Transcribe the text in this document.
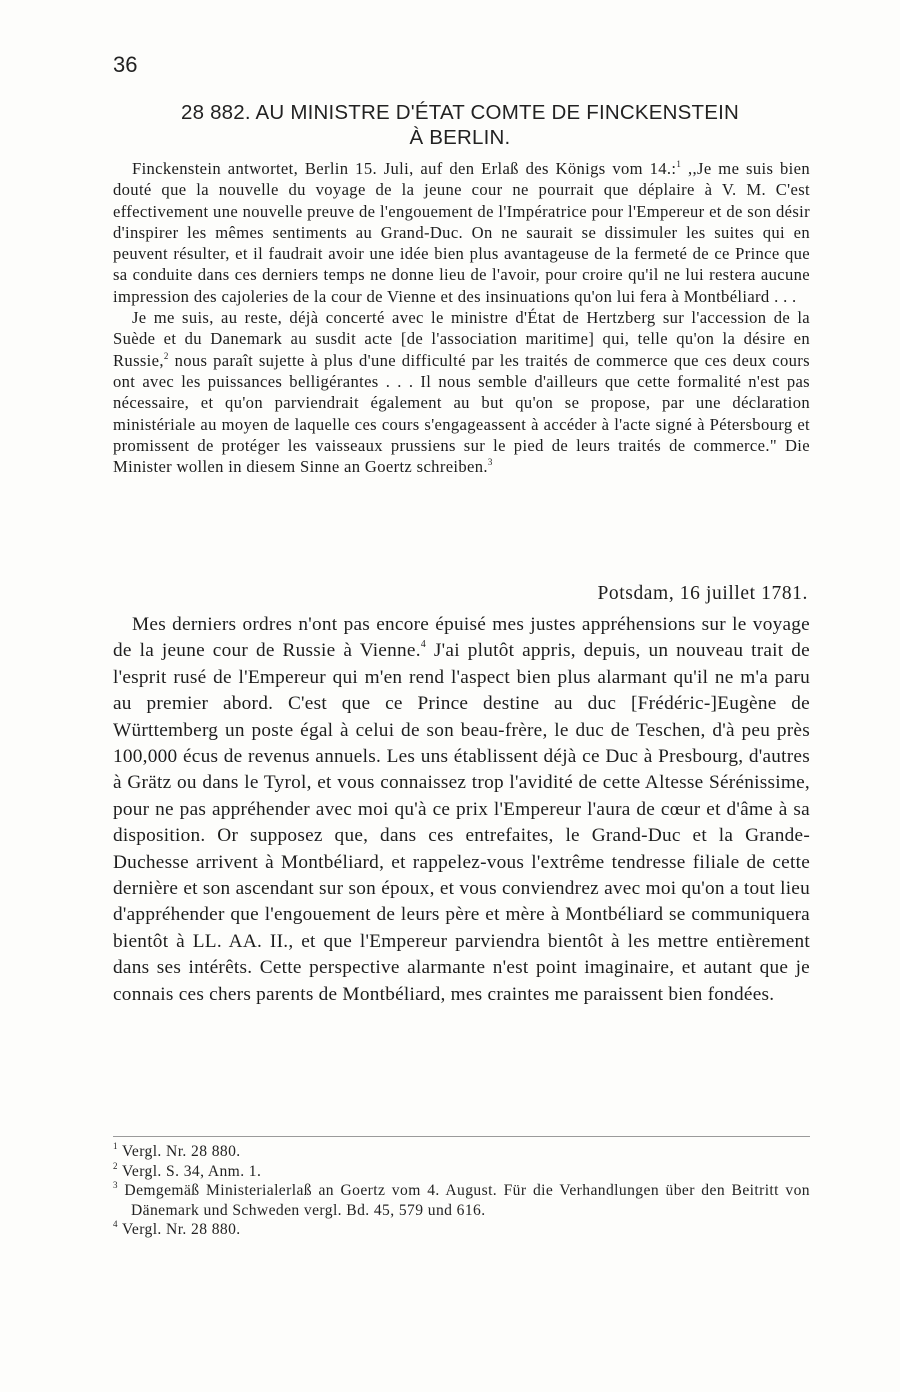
36
28 882. AU MINISTRE D'ÉTAT COMTE DE FINCKENSTEIN
À BERLIN.

Finckenstein antwortet, Berlin 15. Juli, auf den Erlaß des Königs vom 14.:$^1$ ,,Je me suis bien douté que la nouvelle du voyage de la jeune cour ne pourrait que déplaire à V. M. C'est effectivement une nouvelle preuve de l'engouement de l'Impératrice pour l'Empereur et de son désir d'inspirer les mêmes sentiments au Grand-Duc. On ne saurait se dissimuler les suites qui en peuvent résulter, et il faudrait avoir une idée bien plus avantageuse de la fermeté de ce Prince que sa conduite dans ces derniers temps ne donne lieu de l'avoir, pour croire qu'il ne lui restera aucune impression des cajoleries de la cour de Vienne et des insinuations qu'on lui fera à Montbéliard . . .

Je me suis, au reste, déjà concerté avec le ministre d'État de Hertzberg sur l'accession de la Suède et du Danemark au susdit acte [de l'association maritime] qui, telle qu'on la désire en Russie,$^2$ nous paraît sujette à plus d'une difficulté par les traités de commerce que ces deux cours ont avec les puissances belligérantes . . . Il nous semble d'ailleurs que cette formalité n'est pas nécessaire, et qu'on parviendrait également au but qu'on se propose, par une déclaration ministériale au moyen de laquelle ces cours s'engageassent à accéder à l'acte signé à Pétersbourg et promissent de protéger les vaisseaux prussiens sur le pied de leurs traités de commerce." Die Minister wollen in diesem Sinne an Goertz schreiben.$^3$

Potsdam, 16 juillet 1781.

Mes derniers ordres n'ont pas encore épuisé mes justes appréhensions sur le voyage de la jeune cour de Russie à Vienne.$^4$ J'ai plutôt appris, depuis, un nouveau trait de l'esprit rusé de l'Empereur qui m'en rend l'aspect bien plus alarmant qu'il ne m'a paru au premier abord. C'est que ce Prince destine au duc [Frédéric-]Eugène de Württemberg un poste égal à celui de son beau-frère, le duc de Teschen, d'à peu près 100,000 écus de revenus annuels. Les uns établissent déjà ce Duc à Presbourg, d'autres à Grätz ou dans le Tyrol, et vous connaissez trop l'avidité de cette Altesse Sérénissime, pour ne pas appréhender avec moi qu'à ce prix l'Empereur l'aura de cœur et d'âme à sa disposition. Or supposez que, dans ces entrefaites, le Grand-Duc et la Grande-Duchesse arrivent à Montbéliard, et rappelez-vous l'extrême tendresse filiale de cette dernière et son ascendant sur son époux, et vous conviendrez avec moi qu'on a tout lieu d'appréhender que l'engouement de leurs père et mère à Montbéliard se communiquera bientôt à LL. AA. II., et que l'Empereur parviendra bientôt à les mettre entièrement dans ses intérêts. Cette perspective alarmante n'est point imaginaire, et autant que je connais ces chers parents de Montbéliard, mes craintes me paraissent bien fondées.

$^1$ Vergl. Nr. 28 880.
$^2$ Vergl. S. 34, Anm. 1.
$^3$ Demgemäß Ministerialerlaß an Goertz vom 4. August. Für die Verhandlungen über den Beitritt von Dänemark und Schweden vergl. Bd. 45, 579 und 616.
$^4$ Vergl. Nr. 28 880.
